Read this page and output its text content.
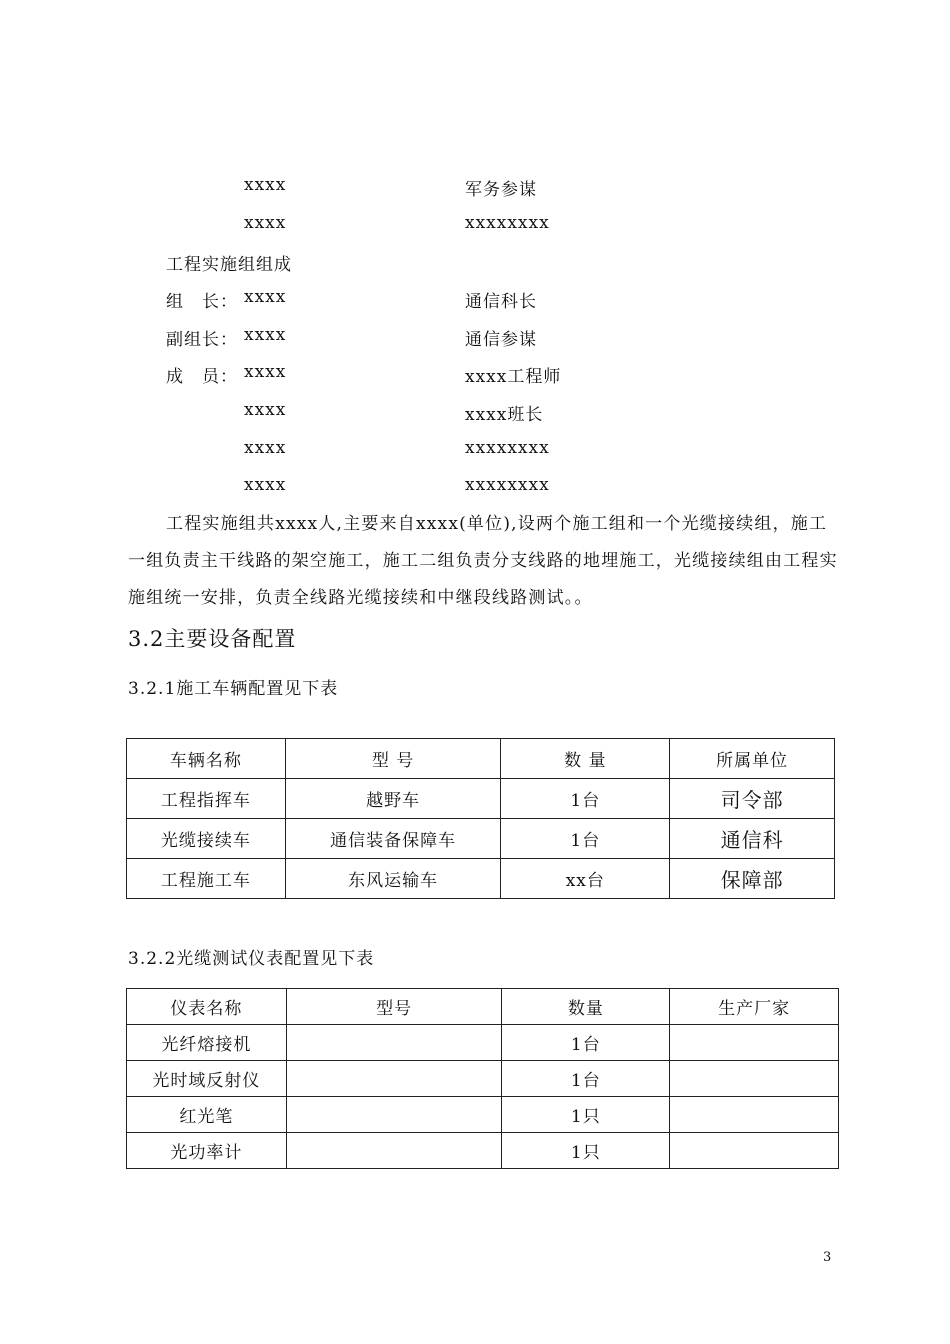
xxxx	军务参谋
xxxx	xxxxxxxx
工程实施组组成
组　长： xxxx	通信科长
副组长： xxxx	通信参谋
成　员： xxxx	xxxx工程师
xxxx	xxxx班长
xxxx	xxxxxxxx
xxxx	xxxxxxxx

工程实施组共xxxx人,主要来自xxxx(单位),设两个施工组和一个光缆接续组，施工一组负责主干线路的架空施工，施工二组负责分支线路的地埋施工，光缆接续组由工程实施组统一安排，负责全线路光缆接续和中继段线路测试。。

3.2主要设备配置
3.2.1施工车辆配置见下表
车辆名称	型 号	数 量	所属单位
工程指挥车	越野车	1台	司令部
光缆接续车	通信装备保障车	1台	通信科
工程施工车	东风运输车	xx台	保障部
3.2.2光缆测试仪表配置见下表
仪表名称	型号	数量	生产厂家
光纤熔接机		1台	
光时域反射仪		1台	
红光笔		1只	
光功率计		1只	
3
